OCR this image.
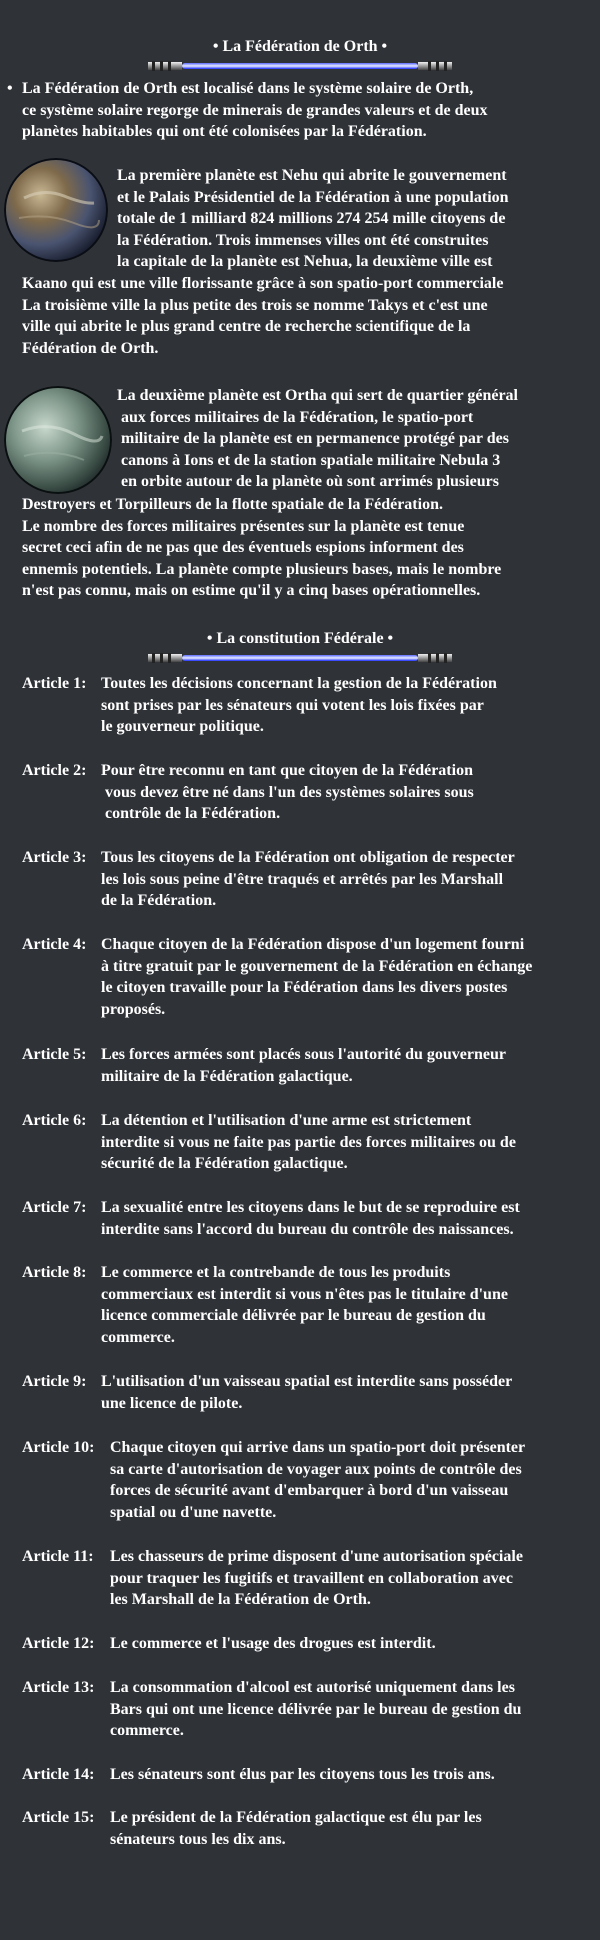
• La Fédération de Orth •
• La Fédération de Orth est localisé dans le système solaire de Orth,
ce système solaire regorge de minerais de grandes valeurs et de deux
planètes habitables qui ont été colonisées par la Fédération.
La première planète est Nehu qui abrite le gouvernement
et le Palais Présidentiel de la Fédération à une population
totale de 1 milliard 824 millions 274 254 mille citoyens de
la Fédération. Trois immenses villes ont été construites
la capitale de la planète est Nehua, la deuxième ville est
Kaano qui est une ville florissante grâce à son spatio-port commerciale
La troisième ville la plus petite des trois se nomme Takys et c'est une
ville qui abrite le plus grand centre de recherche scientifique de la
Fédération de Orth.
La deuxième planète est Ortha qui sert de quartier général
aux forces militaires de la Fédération, le spatio-port
militaire de la planète est en permanence protégé par des
canons à Ions et de la station spatiale militaire Nebula 3
en orbite autour de la planète où sont arrimés plusieurs
Destroyers et Torpilleurs de la flotte spatiale de la Fédération.
Le nombre des forces militaires présentes sur la planète est tenue
secret ceci afin de ne pas que des éventuels espions informent des
ennemis potentiels. La planète compte plusieurs bases, mais le nombre
n'est pas connu, mais on estime qu'il y a cinq bases opérationnelles.
• La constitution Fédérale •
Article 1: Toutes les décisions concernant la gestion de la Fédération
sont prises par les sénateurs qui votent les lois fixées par
le gouverneur politique.
Article 2: Pour être reconnu en tant que citoyen de la Fédération
vous devez être né dans l'un des systèmes solaires sous
contrôle de la Fédération.
Article 3: Tous les citoyens de la Fédération ont obligation de respecter
les lois sous peine d'être traqués et arrêtés par les Marshall
de la Fédération.
Article 4: Chaque citoyen de la Fédération dispose d'un logement fourni
à titre gratuit par le gouvernement de la Fédération en échange
le citoyen travaille pour la Fédération dans les divers postes
proposés.
Article 5: Les forces armées sont placés sous l'autorité du gouverneur
militaire de la Fédération galactique.
Article 6: La détention et l'utilisation d'une arme est strictement
interdite si vous ne faite pas partie des forces militaires ou de
sécurité de la Fédération galactique.
Article 7: La sexualité entre les citoyens dans le but de se reproduire est
interdite sans l'accord du bureau du contrôle des naissances.
Article 8: Le commerce et la contrebande de tous les produits
commerciaux est interdit si vous n'êtes pas le titulaire d'une
licence commerciale délivrée par le bureau de gestion du
commerce.
Article 9: L'utilisation d'un vaisseau spatial est interdite sans posséder
une licence de pilote.
Article 10: Chaque citoyen qui arrive dans un spatio-port doit présenter
sa carte d'autorisation de voyager aux points de contrôle des
forces de sécurité avant d'embarquer à bord d'un vaisseau
spatial ou d'une navette.
Article 11: Les chasseurs de prime disposent d'une autorisation spéciale
pour traquer les fugitifs et travaillent en collaboration avec
les Marshall de la Fédération de Orth.
Article 12: Le commerce et l'usage des drogues est interdit.
Article 13: La consommation d'alcool est autorisé uniquement dans les
Bars qui ont une licence délivrée par le bureau de gestion du
commerce.
Article 14: Les sénateurs sont élus par les citoyens tous les trois ans.
Article 15: Le président de la Fédération galactique est élu par les
sénateurs tous les dix ans.
